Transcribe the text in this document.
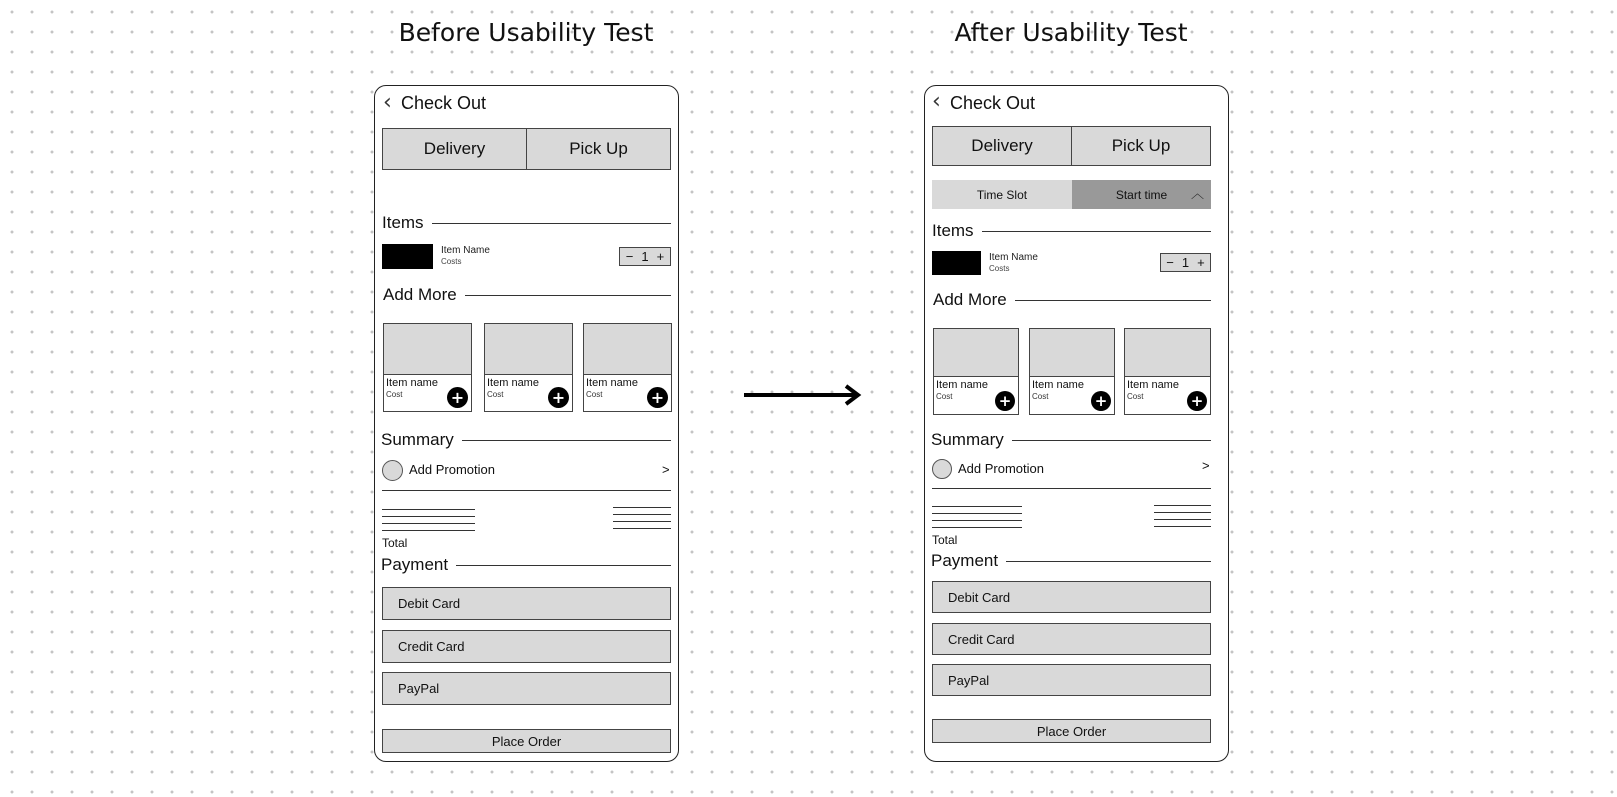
Before Usability Test	After Usability Test
‹ Check Out
Delivery	Pick Up
Items
Item Name
Costs	− 1 +
Add More
Item name
Cost	+
Item name
Cost	+
Item name
Cost	+
Summary
Add Promotion	>
Total
Payment
Debit Card
Credit Card
PayPal
Place Order
‹ Check Out
Delivery	Pick Up
Time Slot	Start time ︿
Items
Item Name
Costs	− 1 +
Add More
Item name
Cost	+
Item name
Cost	+
Item name
Cost	+
Summary
Add Promotion	>
Total
Payment
Debit Card
Credit Card
PayPal
Place Order
